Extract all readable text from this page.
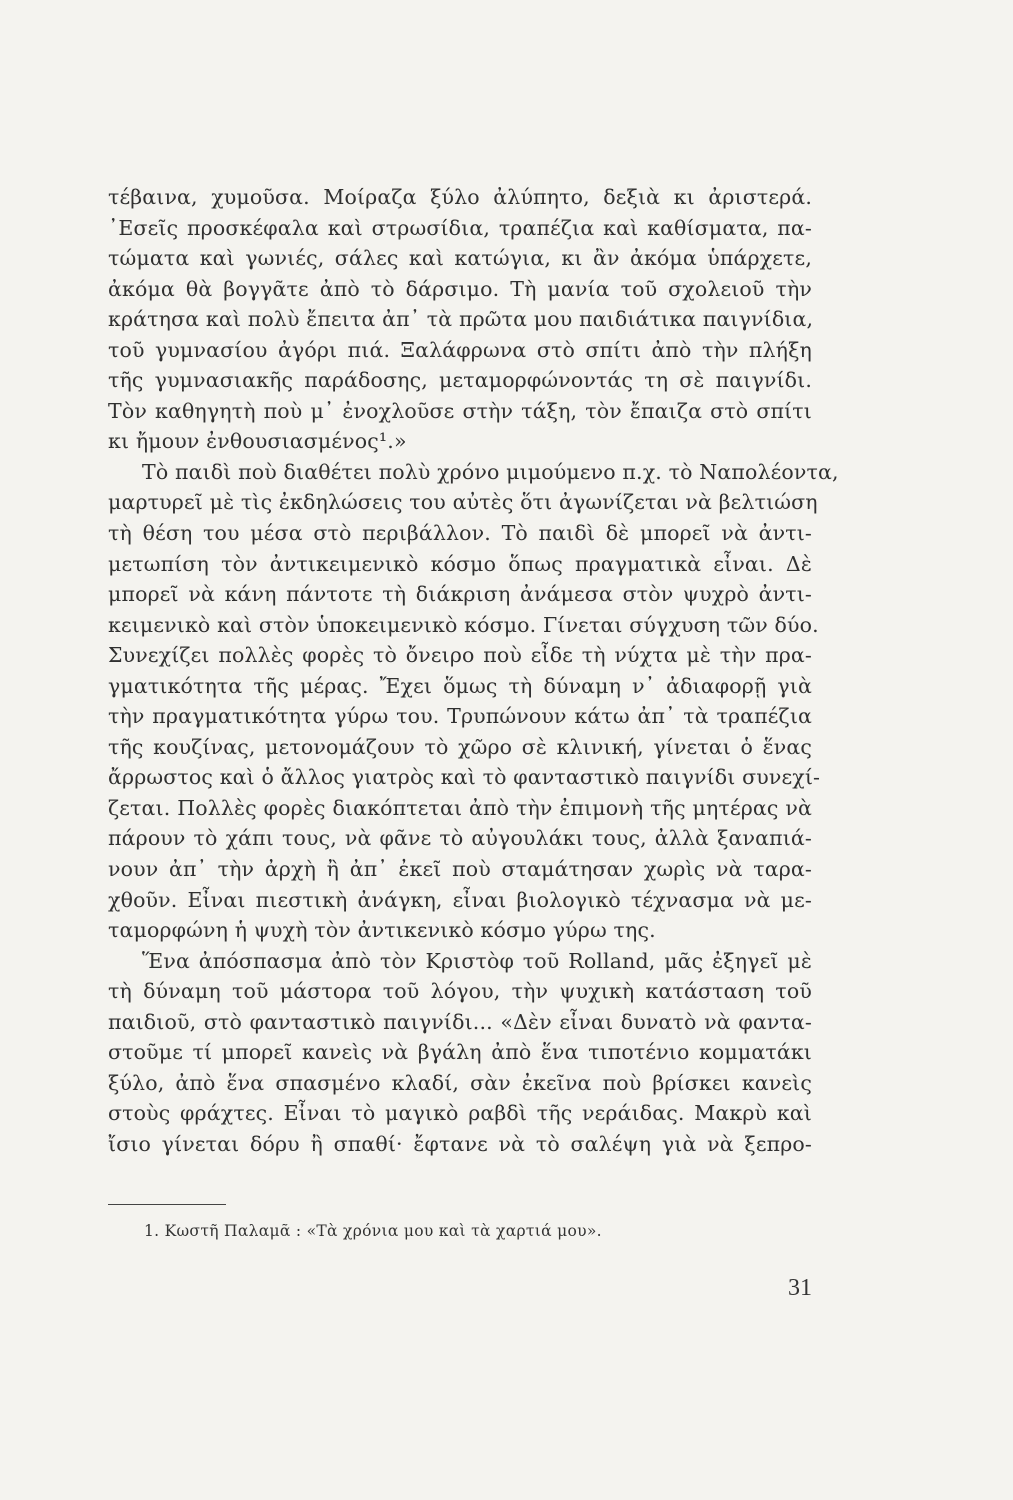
τέβαινα, χυμοῦσα. Μοίραζα ξύλο ἀλύπητο, δεξιὰ κι ἀριστερά.
᾽Εσεῖς προσκέφαλα καὶ στρωσίδια, τραπέζια καὶ καθίσματα, πα-
τώματα καὶ γωνιές, σάλες καὶ κατώγια, κι ἂν ἀκόμα ὑπάρχετε,
ἀκόμα θὰ βογγᾶτε ἀπὸ τὸ δάρσιμο. Τὴ μανία τοῦ σχολειοῦ τὴν
κράτησα καὶ πολὺ ἔπειτα ἀπ᾽ τὰ πρῶτα μου παιδιάτικα παιγνίδια,
τοῦ γυμνασίου ἀγόρι πιά. Ξαλάφρωνα στὸ σπίτι ἀπὸ τὴν πλήξη
τῆς γυμνασιακῆς παράδοσης, μεταμορφώνοντάς τη σὲ παιγνίδι.
Τὸν καθηγητὴ ποὺ μ᾽ ἐνοχλοῦσε στὴν τάξη, τὸν ἔπαιζα στὸ σπίτι
κι ἤμουν ἐνθουσιασμένος¹.»
Τὸ παιδὶ ποὺ διαθέτει πολὺ χρόνο μιμούμενο π.χ. τὸ Ναπολέοντα,
μαρτυρεῖ μὲ τὶς ἐκδηλώσεις του αὐτὲς ὅτι ἀγωνίζεται νὰ βελτιώση
τὴ θέση του μέσα στὸ περιβάλλον. Τὸ παιδὶ δὲ μπορεῖ νὰ ἀντι-
μετωπίση τὸν ἀντικειμενικὸ κόσμο ὅπως πραγματικὰ εἶναι. Δὲ
μπορεῖ νὰ κάνη πάντοτε τὴ διάκριση ἀνάμεσα στὸν ψυχρὸ ἀντι-
κειμενικὸ καὶ στὸν ὑποκειμενικὸ κόσμο. Γίνεται σύγχυση τῶν δύο.
Συνεχίζει πολλὲς φορὲς τὸ ὄνειρο ποὺ εἶδε τὴ νύχτα μὲ τὴν πρα-
γματικότητα τῆς μέρας. Ἔχει ὅμως τὴ δύναμη ν᾽ ἀδιαφορῇ γιὰ
τὴν πραγματικότητα γύρω του. Τρυπώνουν κάτω ἀπ᾽ τὰ τραπέζια
τῆς κουζίνας, μετονομάζουν τὸ χῶρο σὲ κλινική, γίνεται ὁ ἕνας
ἄρρωστος καὶ ὁ ἄλλος γιατρὸς καὶ τὸ φανταστικὸ παιγνίδι συνεχί-
ζεται. Πολλὲς φορὲς διακόπτεται ἀπὸ τὴν ἐπιμονὴ τῆς μητέρας νὰ
πάρουν τὸ χάπι τους, νὰ φᾶνε τὸ αὐγουλάκι τους, ἀλλὰ ξαναπιά-
νουν ἀπ᾽ τὴν ἀρχὴ ἢ ἀπ᾽ ἐκεῖ ποὺ σταμάτησαν χωρὶς νὰ ταρα-
χθοῦν. Εἶναι πιεστικὴ ἀνάγκη, εἶναι βιολογικὸ τέχνασμα νὰ με-
ταμορφώνη ἡ ψυχὴ τὸν ἀντικενικὸ κόσμο γύρω της.
Ἕνα ἀπόσπασμα ἀπὸ τὸν Κριστὸφ τοῦ Rolland, μᾶς ἐξηγεῖ μὲ
τὴ δύναμη τοῦ μάστορα τοῦ λόγου, τὴν ψυχικὴ κατάσταση τοῦ
παιδιοῦ, στὸ φανταστικὸ παιγνίδι... «Δὲν εἶναι δυνατὸ νὰ φαντα-
στοῦμε τί μπορεῖ κανεὶς νὰ βγάλη ἀπὸ ἕνα τιποτένιο κομματάκι
ξύλο, ἀπὸ ἕνα σπασμένο κλαδί, σὰν ἐκεῖνα ποὺ βρίσκει κανεὶς
στοὺς φράχτες. Εἶναι τὸ μαγικὸ ραβδὶ τῆς νεράιδας. Μακρὺ καὶ
ἴσιο γίνεται δόρυ ἢ σπαθί· ἔφτανε νὰ τὸ σαλέψη γιὰ νὰ ξεπρο-
1. Κωστῆ Παλαμᾶ : «Τὰ χρόνια μου καὶ τὰ χαρτιά μου».
31
